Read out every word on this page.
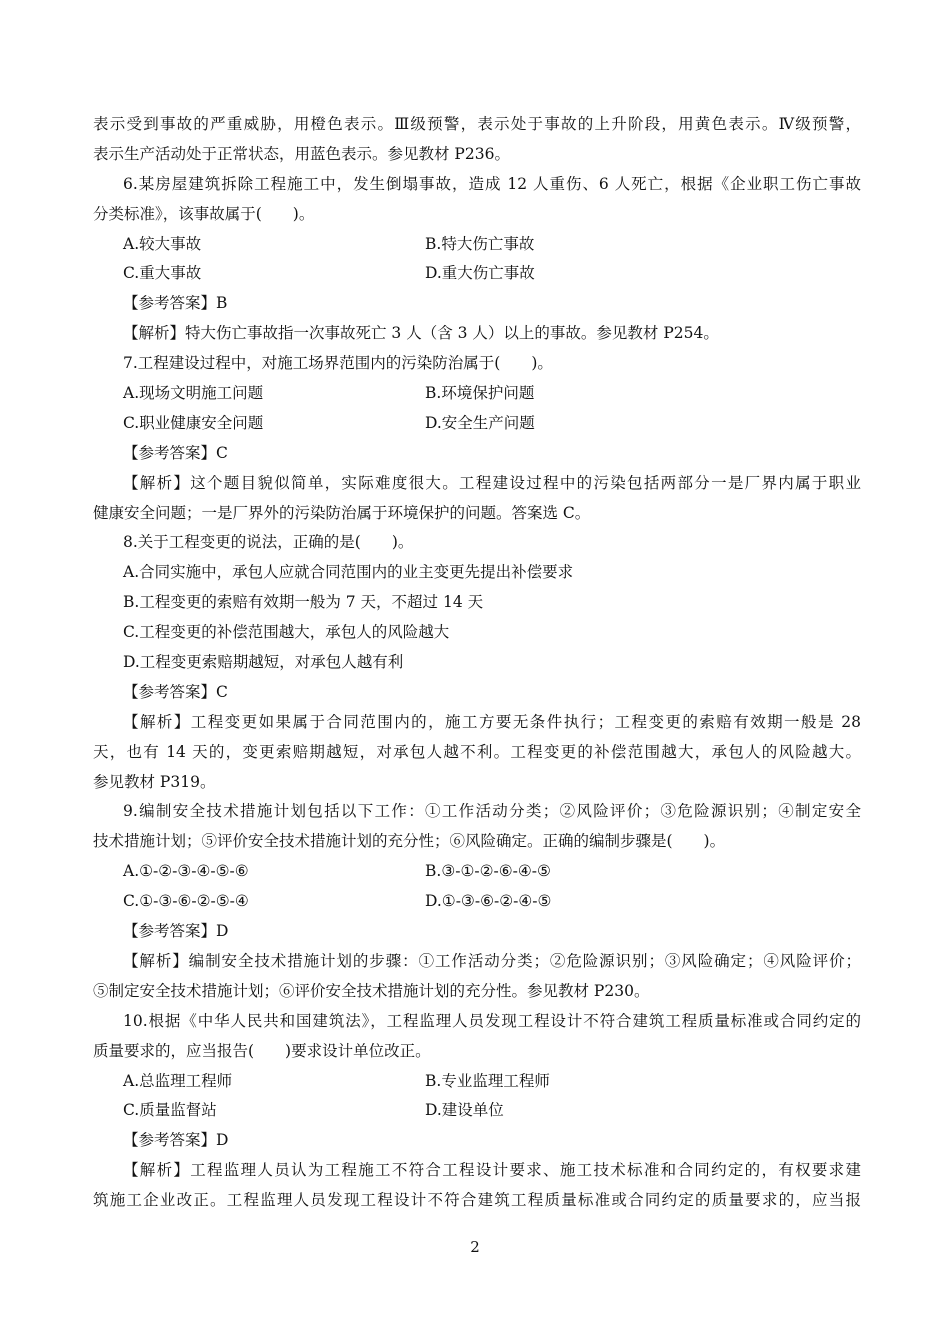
表示受到事故的严重威胁，用橙色表示。Ⅲ级预警，表示处于事故的上升阶段，用黄色表示。Ⅳ级预警，
表示生产活动处于正常状态，用蓝色表示。参见教材 P236。
6.某房屋建筑拆除工程施工中，发生倒塌事故，造成 12 人重伤、6 人死亡，根据《企业职工伤亡事故
分类标准》，该事故属于(　　)。
A.较大事故	B.特大伤亡事故
C.重大事故	D.重大伤亡事故
【参考答案】B
【解析】特大伤亡事故指一次事故死亡 3 人（含 3 人）以上的事故。参见教材 P254。
7.工程建设过程中，对施工场界范围内的污染防治属于(　　)。
A.现场文明施工问题	B.环境保护问题
C.职业健康安全问题	D.安全生产问题
【参考答案】C
【解析】这个题目貌似简单，实际难度很大。工程建设过程中的污染包括两部分一是厂界内属于职业
健康安全问题；一是厂界外的污染防治属于环境保护的问题。答案选 C。
8.关于工程变更的说法，正确的是(　　)。
A.合同实施中，承包人应就合同范围内的业主变更先提出补偿要求
B.工程变更的索赔有效期一般为 7 天，不超过 14 天
C.工程变更的补偿范围越大，承包人的风险越大
D.工程变更索赔期越短，对承包人越有利
【参考答案】C
【解析】工程变更如果属于合同范围内的，施工方要无条件执行；工程变更的索赔有效期一般是 28
天，也有 14 天的，变更索赔期越短，对承包人越不利。工程变更的补偿范围越大，承包人的风险越大。
参见教材 P319。
9.编制安全技术措施计划包括以下工作：①工作活动分类；②风险评价；③危险源识别；④制定安全
技术措施计划；⑤评价安全技术措施计划的充分性；⑥风险确定。正确的编制步骤是(　　)。
A.①-②-③-④-⑤-⑥	B.③-①-②-⑥-④-⑤
C.①-③-⑥-②-⑤-④	D.①-③-⑥-②-④-⑤
【参考答案】D
【解析】编制安全技术措施计划的步骤：①工作活动分类；②危险源识别；③风险确定；④风险评价；
⑤制定安全技术措施计划；⑥评价安全技术措施计划的充分性。参见教材 P230。
10.根据《中华人民共和国建筑法》，工程监理人员发现工程设计不符合建筑工程质量标准或合同约定的
质量要求的，应当报告(　　)要求设计单位改正。
A.总监理工程师	B.专业监理工程师
C.质量监督站	D.建设单位
【参考答案】D
【解析】工程监理人员认为工程施工不符合工程设计要求、施工技术标准和合同约定的，有权要求建
筑施工企业改正。工程监理人员发现工程设计不符合建筑工程质量标准或合同约定的质量要求的，应当报
2
